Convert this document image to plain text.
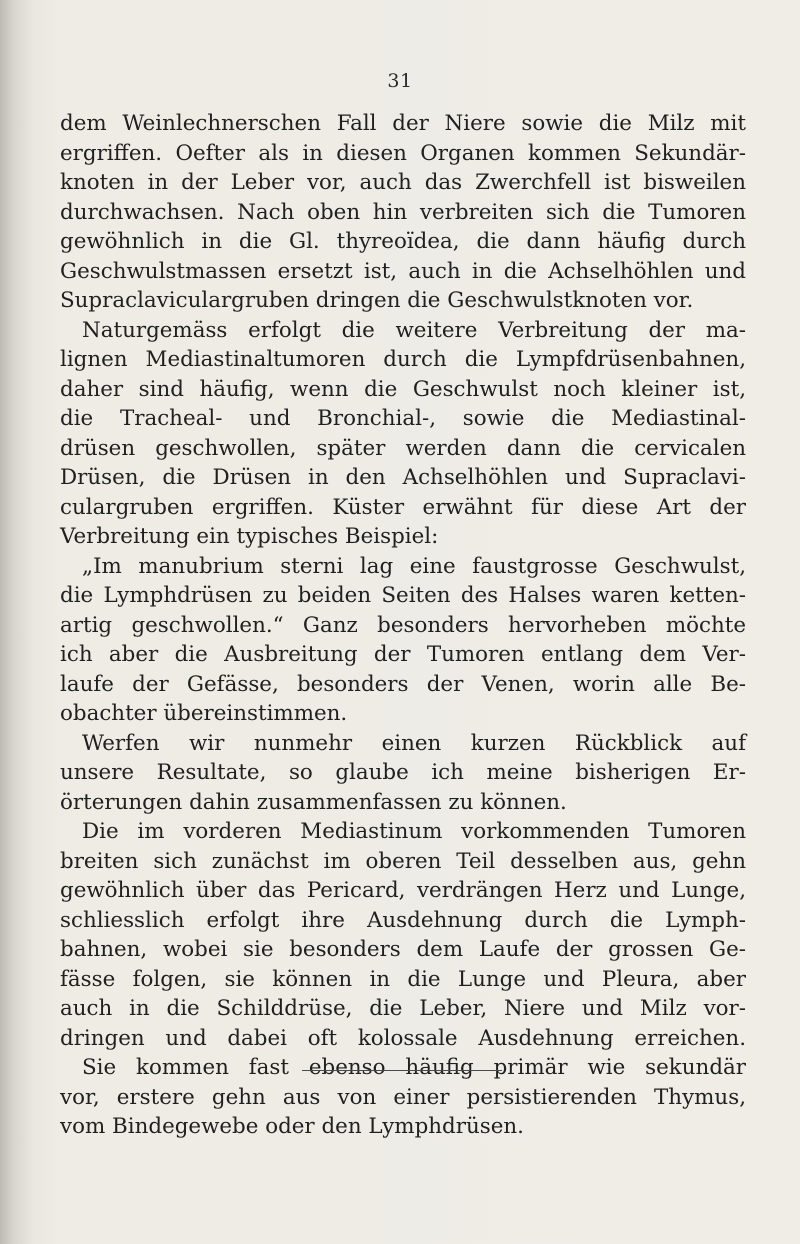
31
dem Weinlechnerschen Fall der Niere sowie die Milz mit
ergriffen. Oefter als in diesen Organen kommen Sekundär-
knoten in der Leber vor, auch das Zwerchfell ist bisweilen
durchwachsen. Nach oben hin verbreiten sich die Tumoren
gewöhnlich in die Gl. thyreoïdea, die dann häufig durch
Geschwulstmassen ersetzt ist, auch in die Achselhöhlen und
Supraclaviculargruben dringen die Geschwulstknoten vor.
Naturgemäss erfolgt die weitere Verbreitung der ma-
lignen Mediastinaltumoren durch die Lympfdrüsenbahnen,
daher sind häufig, wenn die Geschwulst noch kleiner ist,
die Tracheal- und Bronchial-, sowie die Mediastinal-
drüsen geschwollen, später werden dann die cervicalen
Drüsen, die Drüsen in den Achselhöhlen und Supraclavi-
culargruben ergriffen. Küster erwähnt für diese Art der
Verbreitung ein typisches Beispiel:
„Im manubrium sterni lag eine faustgrosse Geschwulst,
die Lymphdrüsen zu beiden Seiten des Halses waren ketten-
artig geschwollen.“ Ganz besonders hervorheben möchte
ich aber die Ausbreitung der Tumoren entlang dem Ver-
laufe der Gefässe, besonders der Venen, worin alle Be-
obachter übereinstimmen.
Werfen wir nunmehr einen kurzen Rückblick auf
unsere Resultate, so glaube ich meine bisherigen Er-
örterungen dahin zusammenfassen zu können.
Die im vorderen Mediastinum vorkommenden Tumoren
breiten sich zunächst im oberen Teil desselben aus, gehn
gewöhnlich über das Pericard, verdrängen Herz und Lunge,
schliesslich erfolgt ihre Ausdehnung durch die Lymph-
bahnen, wobei sie besonders dem Laufe der grossen Ge-
fässe folgen, sie können in die Lunge und Pleura, aber
auch in die Schilddrüse, die Leber, Niere und Milz vor-
dringen und dabei oft kolossale Ausdehnung erreichen.
Sie kommen fast ebenso häufig primär wie sekundär
vor, erstere gehn aus von einer persistierenden Thymus,
vom Bindegewebe oder den Lymphdrüsen.
